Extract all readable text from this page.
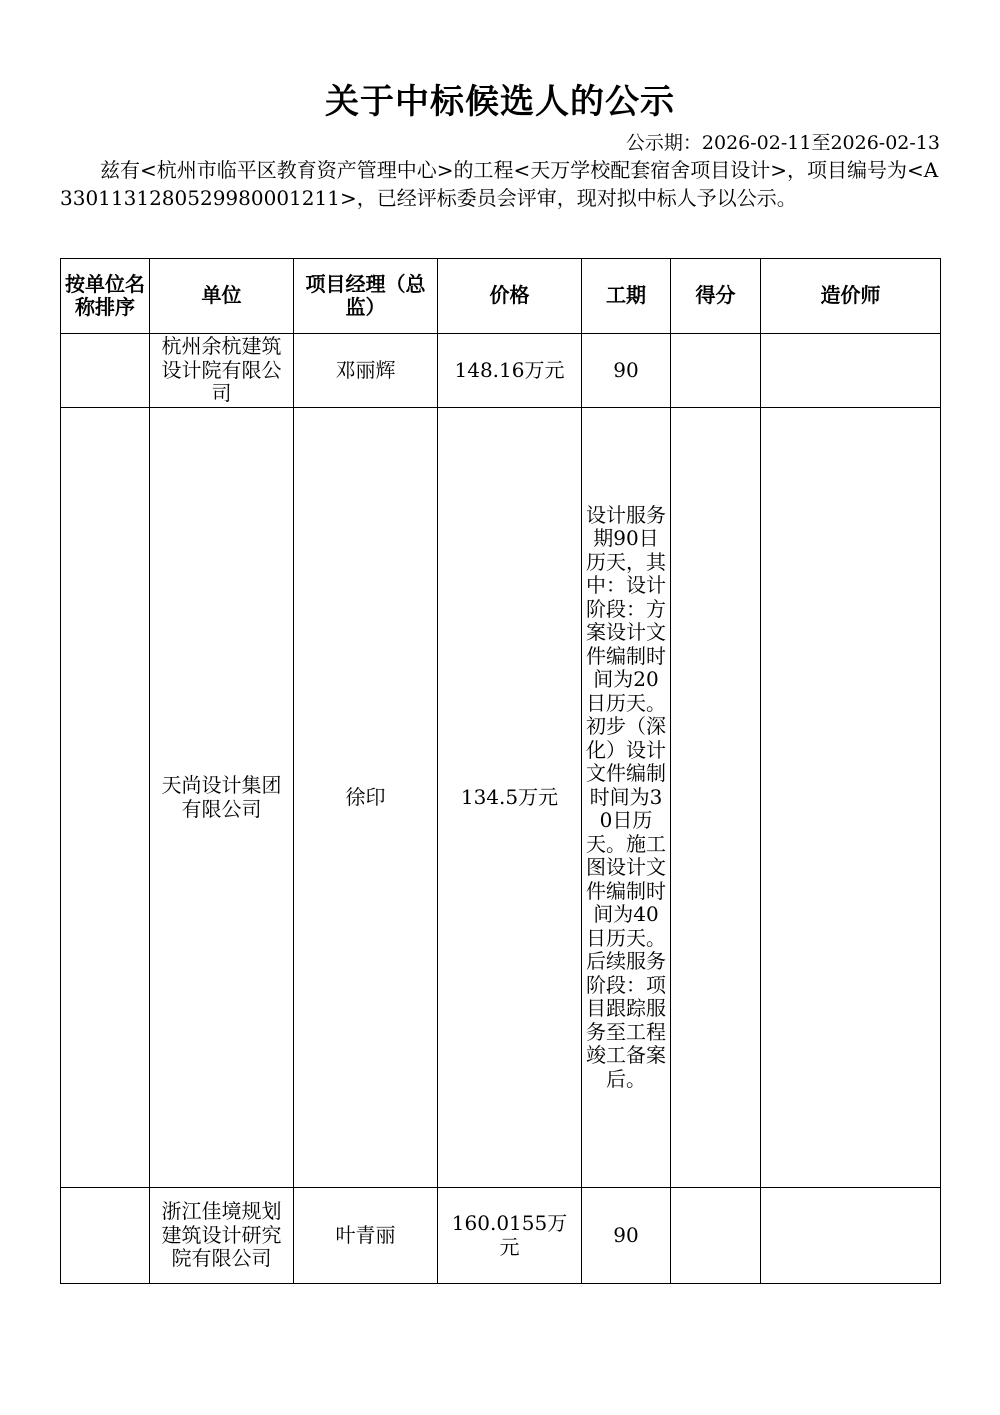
关于中标候选人的公示
公示期：2026-02-11至2026-02-13
兹有<杭州市临平区教育资产管理中心>的工程<天万学校配套宿舍项目设计>，项目编号为<A3301131280529980001211>，已经评标委员会评审，现对拟中标人予以公示。
按单位名称排序	单位	项目经理（总监）	价格	工期	得分	造价师
	杭州余杭建筑设计院有限公司	邓丽辉	148.16万元	90		
	天尚设计集团有限公司	徐印	134.5万元	设计服务期90日历天，其中：设计阶段：方案设计文件编制时间为20日历天。初步（深化）设计文件编制时间为30日历天。施工图设计文件编制时间为40日历天。后续服务阶段：项目跟踪服务至工程竣工备案后。		
	浙江佳境规划建筑设计研究院有限公司	叶青丽	160.0155万元	90		
